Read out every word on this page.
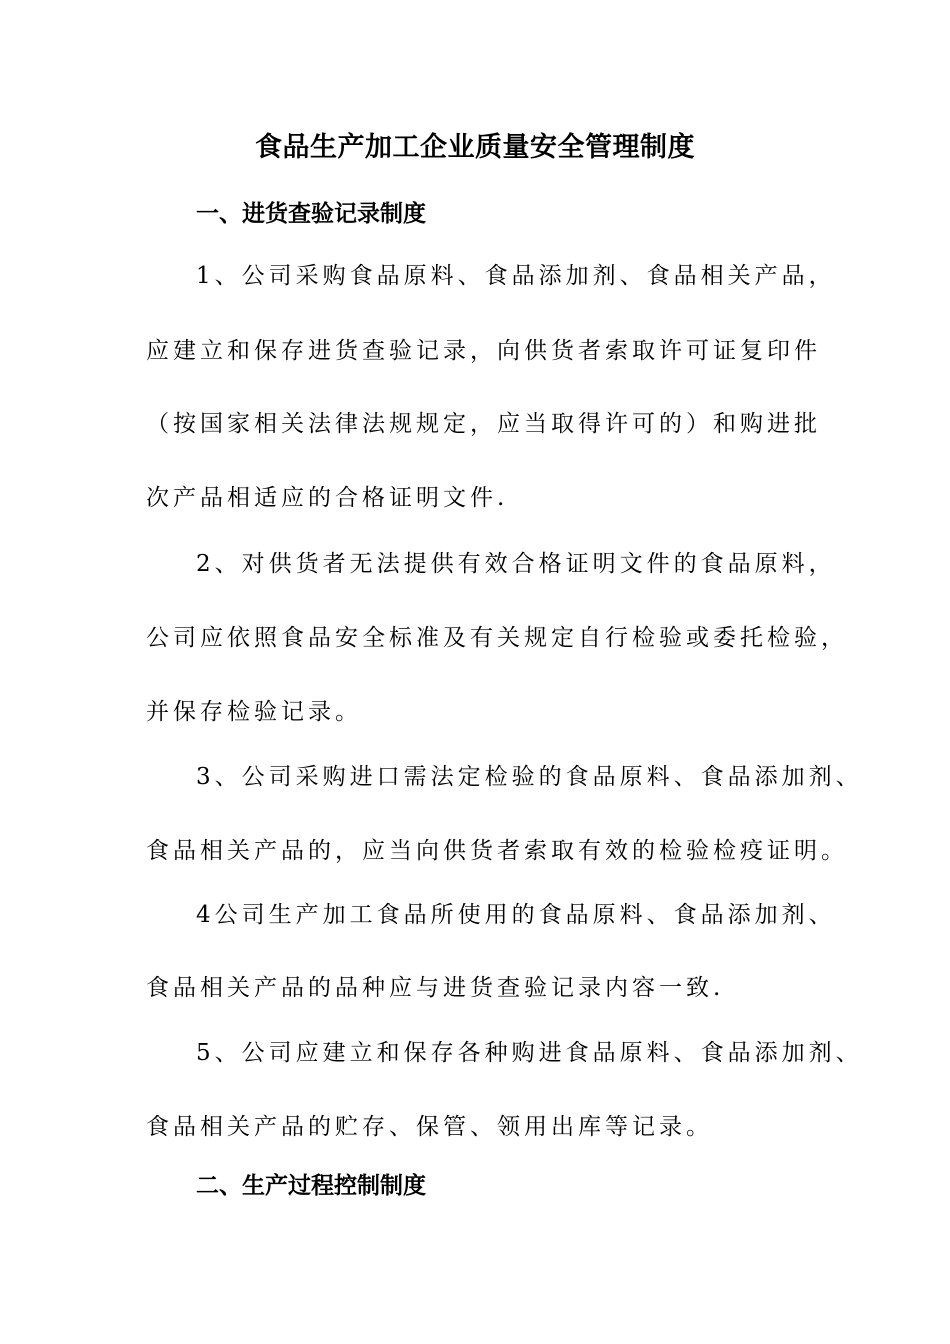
食品生产加工企业质量安全管理制度
一、进货查验记录制度
1、公司采购食品原料、食品添加剂、食品相关产品，
应建立和保存进货查验记录，向供货者索取许可证复印件
（按国家相关法律法规规定，应当取得许可的）和购进批
次产品相适应的合格证明文件.
2、对供货者无法提供有效合格证明文件的食品原料，
公司应依照食品安全标准及有关规定自行检验或委托检验，
并保存检验记录。
3、公司采购进口需法定检验的食品原料、食品添加剂、
食品相关产品的，应当向供货者索取有效的检验检疫证明。
4公司生产加工食品所使用的食品原料、食品添加剂、
食品相关产品的品种应与进货查验记录内容一致.
5、公司应建立和保存各种购进食品原料、食品添加剂、
食品相关产品的贮存、保管、领用出库等记录。
二、生产过程控制制度
